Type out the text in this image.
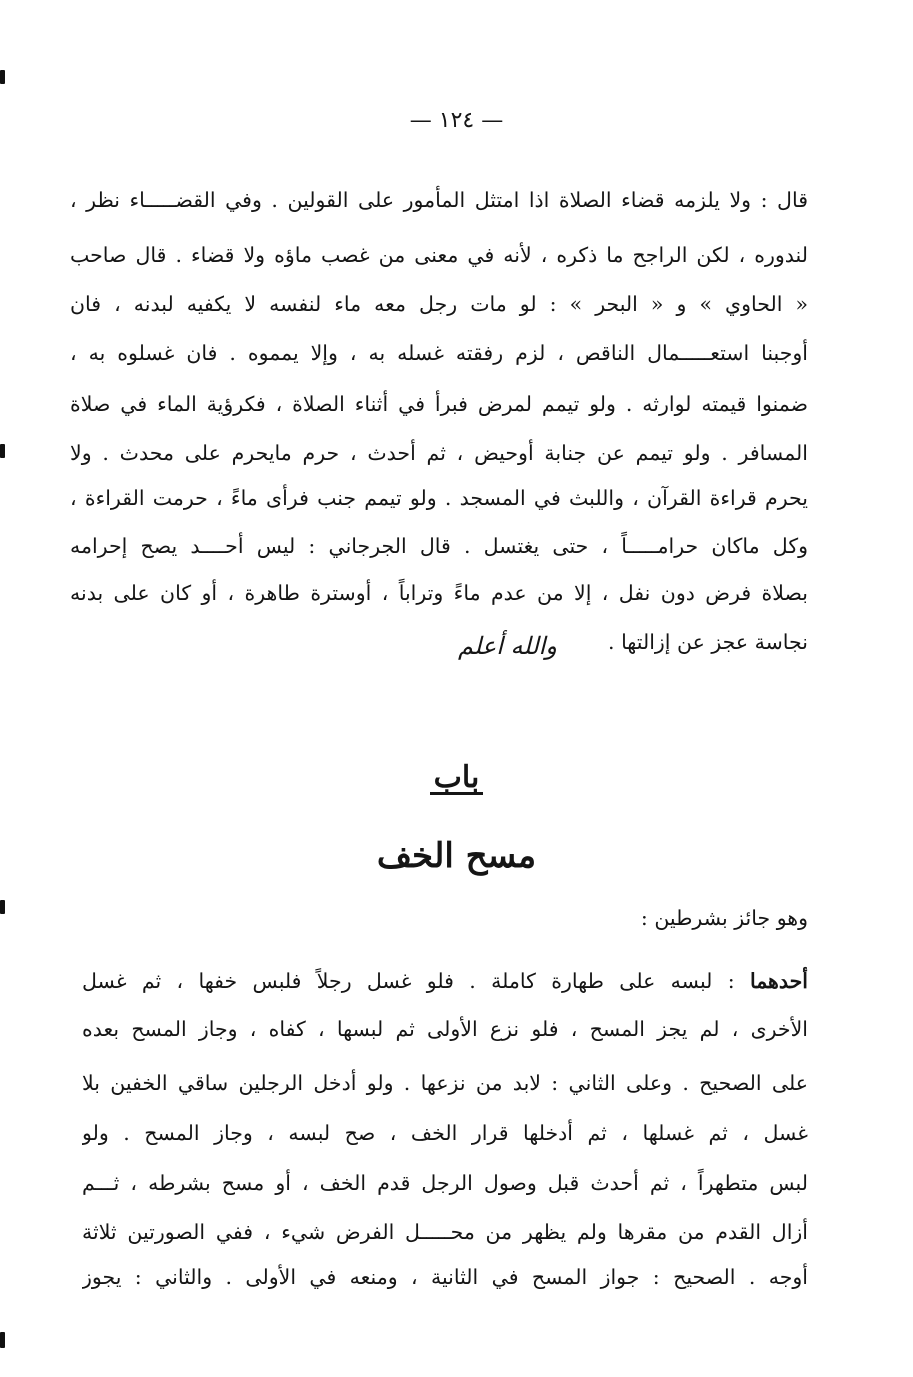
— ١٢٤ —
قال : ولا يلزمه قضاء الصلاة اذا امتثل المأمور على القولين . وفي القضـــــاء نظر ،
لندوره ، لكن الراجح ما ذكره ، لأنه في معنى من غصب ماؤه ولا قضاء . قال صاحب
« الحاوي » و « البحر » : لو مات رجل معه ماء لنفسه لا يكفيه لبدنه ، فان
أوجبنا استعـــــمال الناقص ، لزم رفقته غسله به ، وإلا يمموه . فان غسلوه به ،
ضمنوا قيمته لوارثه . ولو تيمم لمرض فبرأ في أثناء الصلاة ، فكرؤية الماء في صلاة
المسافر . ولو تيمم عن جنابة أوحيض ، ثم أحدث ، حرم مايحرم على محدث . ولا
يحرم قراءة القرآن ، واللبث في المسجد . ولو تيمم جنب فرأى ماءً ، حرمت القراءة ،
وكل ماكان حرامـــــاً ، حتى يغتسل . قال الجرجاني : ليس أحــــد يصح إحرامه
بصلاة فرض دون نفل ، إلا من عدم ماءً وتراباً ، أوسترة طاهرة ، أو كان على بدنه
نجاسة عجز عن إزالتها .
والله أعلم
باب
مسح الخف
وهو جائز بشرطين :
أحدهما : لبسه على طهارة كاملة . فلو غسل رجلاً فلبس خفها ، ثم غسل
الأخرى ، لم يجز المسح ، فلو نزع الأولى ثم لبسها ، كفاه ، وجاز المسح بعده
على الصحيح . وعلى الثاني : لابد من نزعها . ولو أدخل الرجلين ساقي الخفين بلا
غسل ، ثم غسلها ، ثم أدخلها قرار الخف ، صح لبسه ، وجاز المسح . ولو
لبس متطهراً ، ثم أحدث قبل وصول الرجل قدم الخف ، أو مسح بشرطه ، ثـــم
أزال القدم من مقرها ولم يظهر من محـــــل الفرض شيء ، ففي الصورتين ثلاثة
أوجه . الصحيح : جواز المسح في الثانية ، ومنعه في الأولى . والثاني : يجوز
